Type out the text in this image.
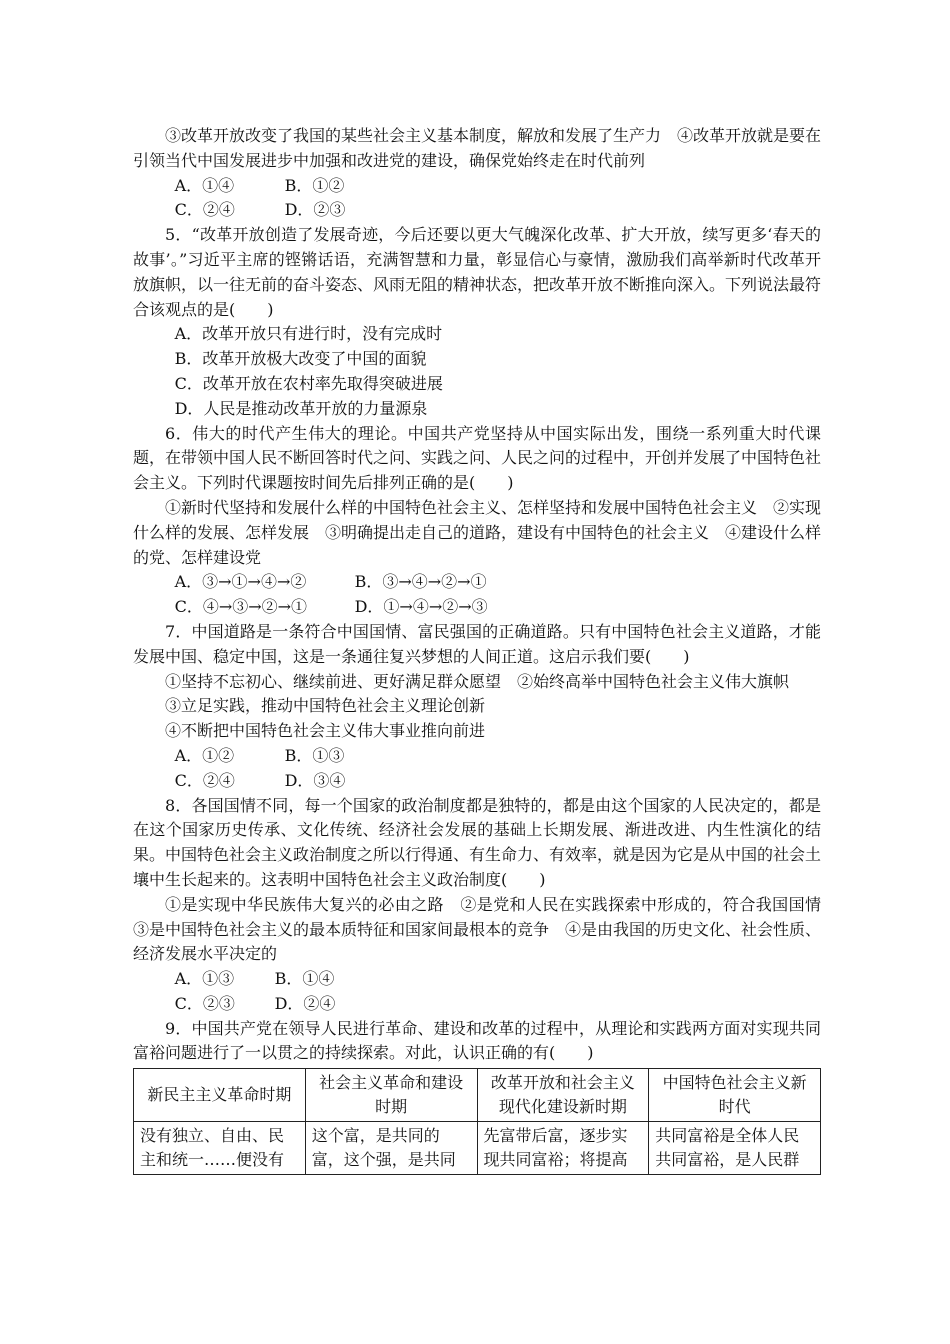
③改革开放改变了我国的某些社会主义基本制度，解放和发展了生产力　④改革开放就是要在引领当代中国发展进步中加强和改进党的建设，确保党始终走在时代前列

A．①④	B．①②

C．②④	D．②③

5．“改革开放创造了发展奇迹，今后还要以更大气魄深化改革、扩大开放，续写更多‘春天的故事’。”习近平主席的铿锵话语，充满智慧和力量，彰显信心与豪情，激励我们高举新时代改革开放旗帜，以一往无前的奋斗姿态、风雨无阻的精神状态，把改革开放不断推向深入。下列说法最符合该观点的是(　　)

A．改革开放只有进行时，没有完成时

B．改革开放极大改变了中国的面貌

C．改革开放在农村率先取得突破进展

D．人民是推动改革开放的力量源泉

6．伟大的时代产生伟大的理论。中国共产党坚持从中国实际出发，围绕一系列重大时代课题，在带领中国人民不断回答时代之问、实践之问、人民之问的过程中，开创并发展了中国特色社会主义。下列时代课题按时间先后排列正确的是(　　)

①新时代坚持和发展什么样的中国特色社会主义、怎样坚持和发展中国特色社会主义　②实现什么样的发展、怎样发展　③明确提出走自己的道路，建设有中国特色的社会主义　④建设什么样的党、怎样建设党

A．③→①→④→②	B．③→④→②→①

C．④→③→②→①	D．①→④→②→③

7．中国道路是一条符合中国国情、富民强国的正确道路。只有中国特色社会主义道路，才能发展中国、稳定中国，这是一条通往复兴梦想的人间正道。这启示我们要(　　)

①坚持不忘初心、继续前进、更好满足群众愿望　②始终高举中国特色社会主义伟大旗帜

③立足实践，推动中国特色社会主义理论创新

④不断把中国特色社会主义伟大事业推向前进

A．①②	B．①③

C．②④	D．③④

8．各国国情不同，每一个国家的政治制度都是独特的，都是由这个国家的人民决定的，都是在这个国家历史传承、文化传统、经济社会发展的基础上长期发展、渐进改进、内生性演化的结果。中国特色社会主义政治制度之所以行得通、有生命力、有效率，就是因为它是从中国的社会土壤中生长起来的。这表明中国特色社会主义政治制度(　　)

①是实现中华民族伟大复兴的必由之路　②是党和人民在实践探索中形成的，符合我国国情　③是中国特色社会主义的最本质特征和国家间最根本的竞争　④是由我国的历史文化、社会性质、经济发展水平决定的

A．①③	B．①④

C．②③	D．②④

9．中国共产党在领导人民进行革命、建设和改革的过程中，从理论和实践两方面对实现共同富裕问题进行了一以贯之的持续探索。对此，认识正确的有(　　)

新民主主义革命时期	社会主义革命和建设时期	改革开放和社会主义现代化建设新时期	中国特色社会主义新时代
没有独立、自由、民主和统一……便没有	这个富，是共同的富，这个强，是共同	先富带后富，逐步实现共同富裕；将提高	共同富裕是全体人民共同富裕，是人民群
